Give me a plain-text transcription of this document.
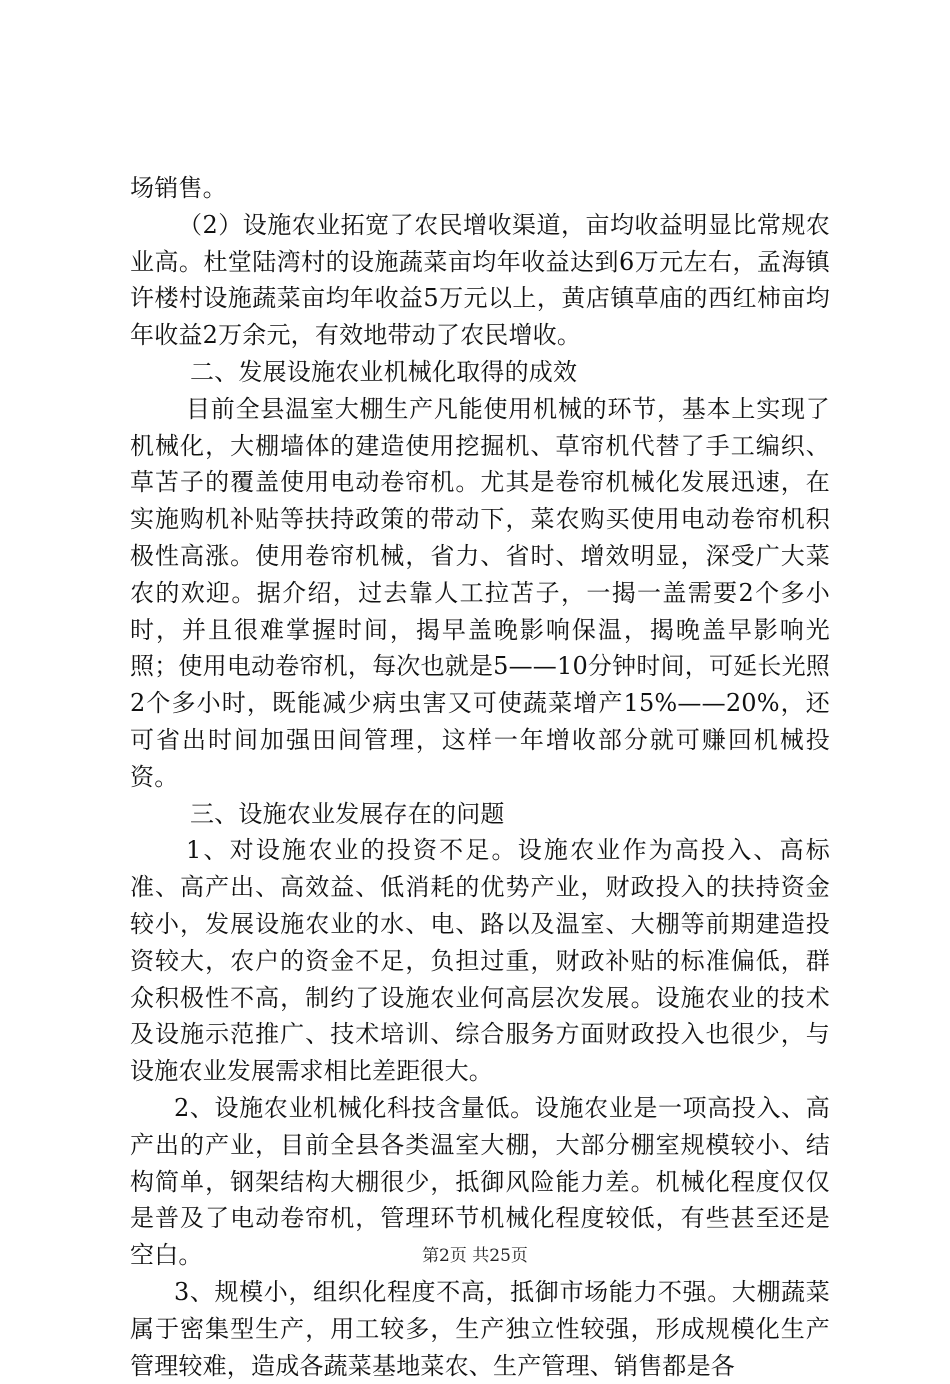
场销售。

（2）设施农业拓宽了农民增收渠道，亩均收益明显比常规农业高。杜堂陆湾村的设施蔬菜亩均年收益达到6万元左右，孟海镇许楼村设施蔬菜亩均年收益5万元以上，黄店镇草庙的西红柿亩均年收益2万余元，有效地带动了农民增收。

二、发展设施农业机械化取得的成效

目前全县温室大棚生产凡能使用机械的环节，基本上实现了机械化，大棚墙体的建造使用挖掘机、草帘机代替了手工编织、草苫子的覆盖使用电动卷帘机。尤其是卷帘机械化发展迅速，在实施购机补贴等扶持政策的带动下，菜农购买使用电动卷帘机积极性高涨。使用卷帘机械，省力、省时、增效明显，深受广大菜农的欢迎。据介绍，过去靠人工拉苫子，一揭一盖需要2个多小时，并且很难掌握时间，揭早盖晚影响保温，揭晚盖早影响光照；使用电动卷帘机，每次也就是5——10分钟时间，可延长光照2个多小时，既能减少病虫害又可使蔬菜增产15%——20%，还可省出时间加强田间管理，这样一年增收部分就可赚回机械投资。

三、设施农业发展存在的问题

1、对设施农业的投资不足。设施农业作为高投入、高标准、高产出、高效益、低消耗的优势产业，财政投入的扶持资金较小，发展设施农业的水、电、路以及温室、大棚等前期建造投资较大，农户的资金不足，负担过重，财政补贴的标准偏低，群众积极性不高，制约了设施农业何高层次发展。设施农业的技术及设施示范推广、技术培训、综合服务方面财政投入也很少，与设施农业发展需求相比差距很大。

2、设施农业机械化科技含量低。设施农业是一项高投入、高产出的产业，目前全县各类温室大棚，大部分棚室规模较小、结构简单，钢架结构大棚很少，抵御风险能力差。机械化程度仅仅是普及了电动卷帘机，管理环节机械化程度较低，有些甚至还是空白。

3、规模小，组织化程度不高，抵御市场能力不强。大棚蔬菜属于密集型生产，用工较多，生产独立性较强，形成规模化生产管理较难，造成各蔬菜基地菜农、生产管理、销售都是各

第2页 共25页
